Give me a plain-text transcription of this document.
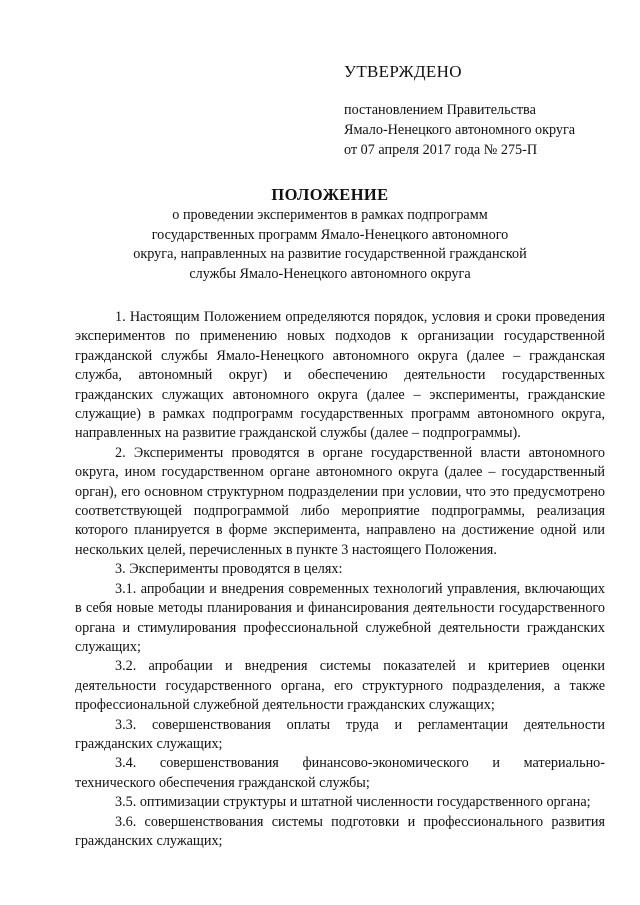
УТВЕРЖДЕНО
постановлением Правительства
Ямало-Ненецкого автономного округа
от 07 апреля 2017 года № 275-П
ПОЛОЖЕНИЕ
о проведении экспериментов в рамках подпрограмм
государственных программ Ямало-Ненецкого автономного
округа, направленных на развитие государственной гражданской
службы Ямало-Ненецкого автономного округа

1. Настоящим Положением определяются порядок, условия и сроки проведения экспериментов по применению новых подходов к организации государственной гражданской службы Ямало-Ненецкого автономного округа (далее – гражданская служба, автономный округ) и обеспечению деятельности государственных гражданских служащих автономного округа (далее – эксперименты, гражданские служащие) в рамках подпрограмм государственных программ автономного округа, направленных на развитие гражданской службы (далее – подпрограммы).

2. Эксперименты проводятся в органе государственной власти автономного округа, ином государственном органе автономного округа (далее – государственный орган), его основном структурном подразделении при условии, что это предусмотрено соответствующей подпрограммой либо мероприятие подпрограммы, реализация которого планируется в форме эксперимента, направлено на достижение одной или нескольких целей, перечисленных в пункте 3 настоящего Положения.

3. Эксперименты проводятся в целях:

3.1. апробации и внедрения современных технологий управления, включающих в себя новые методы планирования и финансирования деятельности государственного органа и стимулирования профессиональной служебной деятельности гражданских служащих;

3.2. апробации и внедрения системы показателей и критериев оценки деятельности государственного органа, его структурного подразделения, а также профессиональной служебной деятельности гражданских служащих;

3.3. совершенствования оплаты труда и регламентации деятельности гражданских служащих;

3.4. совершенствования финансово-экономического и материально-технического обеспечения гражданской службы;

3.5. оптимизации структуры и штатной численности государственного органа;

3.6. совершенствования системы подготовки и профессионального развития гражданских служащих;
